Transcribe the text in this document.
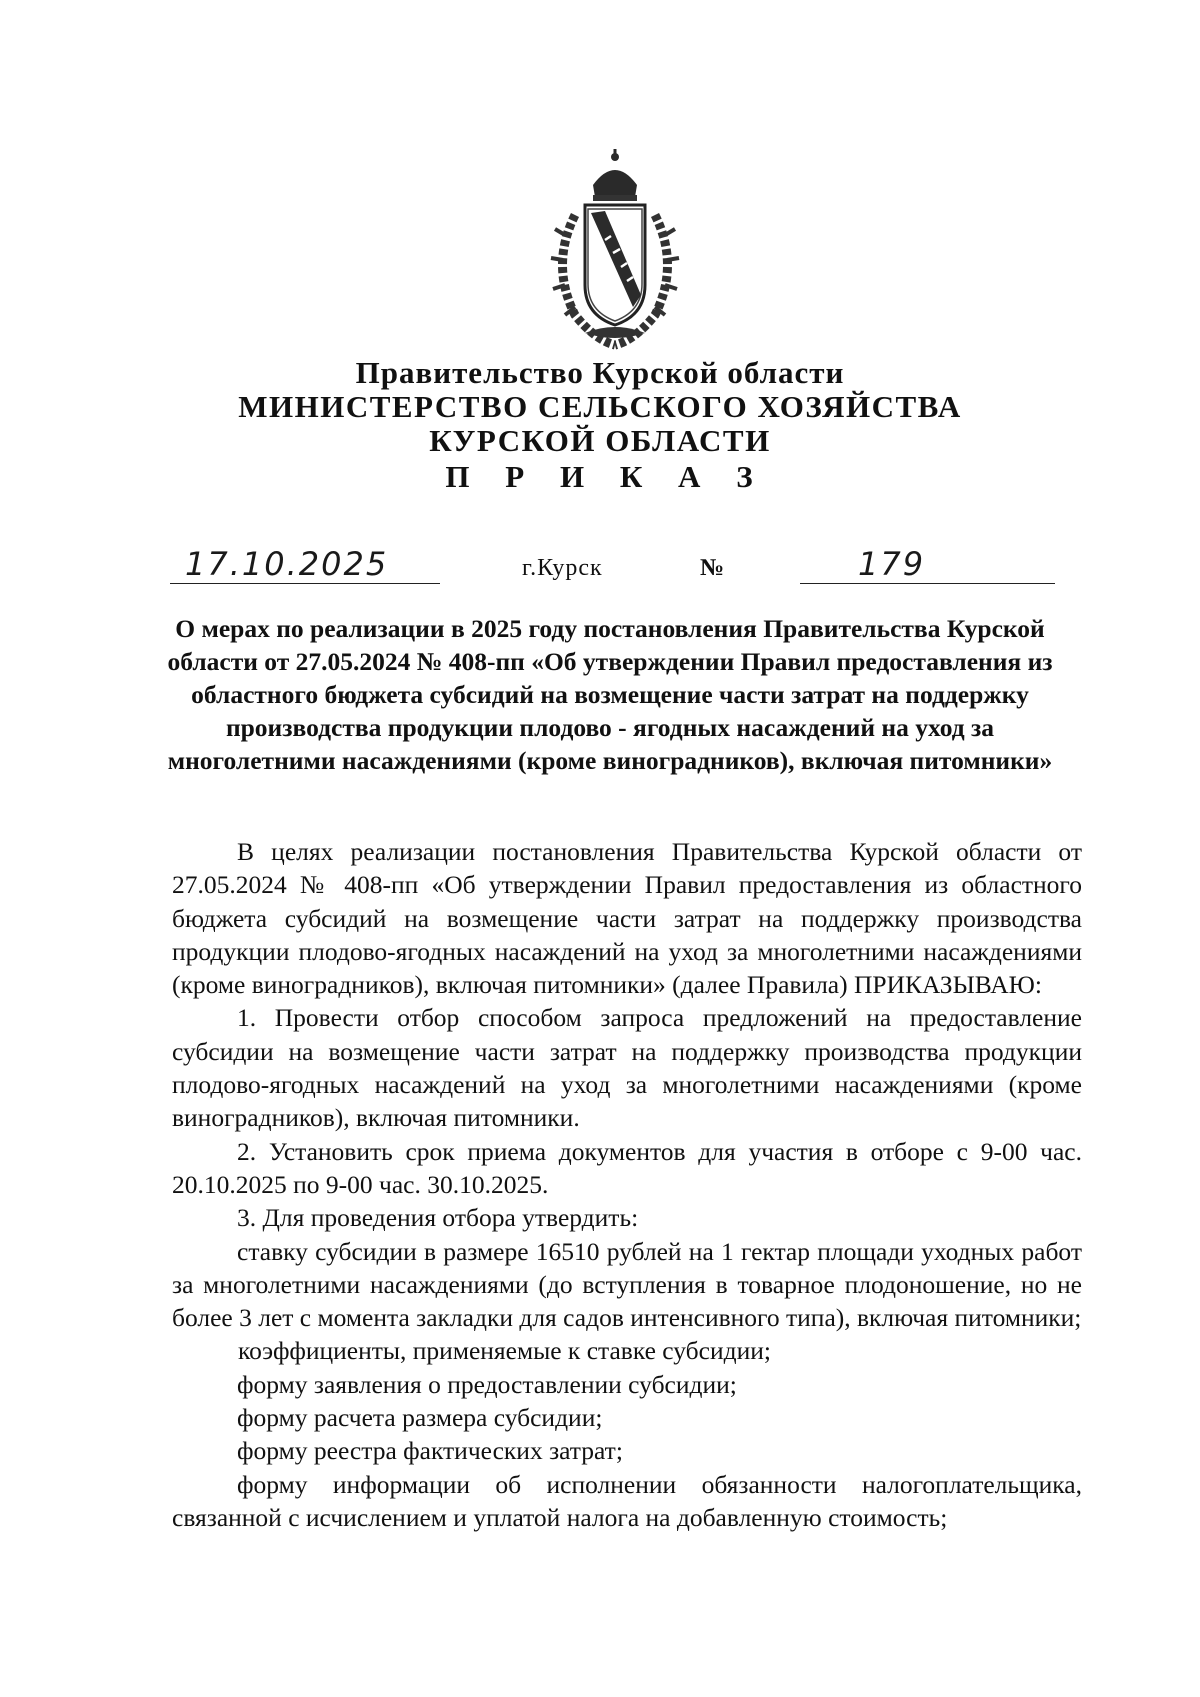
Правительство Курской области
МИНИСТЕРСТВО СЕЛЬСКОГО ХОЗЯЙСТВА
КУРСКОЙ ОБЛАСТИ
П Р И К А З
17.10.2025	г.Курск	№	179
О мерах по реализации в 2025 году постановления Правительства Курской области от 27.05.2024 № 408-пп «Об утверждении Правил предоставления из областного бюджета субсидий на возмещение части затрат на поддержку производства продукции плодово - ягодных насаждений на уход за многолетними насаждениями (кроме виноградников), включая питомники»

В целях реализации постановления Правительства Курской области от 27.05.2024 № 408-пп «Об утверждении Правил предоставления из областного бюджета субсидий на возмещение части затрат на поддержку производства продукции плодово-ягодных насаждений на уход за многолетними насаждениями (кроме виноградников), включая питомники» (далее Правила) ПРИКАЗЫВАЮ:

1. Провести отбор способом запроса предложений на предоставление субсидии на возмещение части затрат на поддержку производства продукции плодово-ягодных насаждений на уход за многолетними насаждениями (кроме виноградников), включая питомники.

2. Установить срок приема документов для участия в отборе с 9-00 час. 20.10.2025 по 9-00 час. 30.10.2025.

3. Для проведения отбора утвердить:

ставку субсидии в размере 16510 рублей на 1 гектар площади уходных работ за многолетними насаждениями (до вступления в товарное плодоношение, но не более 3 лет с момента закладки для садов интенсивного типа), включая питомники;

коэффициенты, применяемые к ставке субсидии;

форму заявления о предоставлении субсидии;

форму расчета размера субсидии;

форму реестра фактических затрат;

форму информации об исполнении обязанности налогоплательщика, связанной с исчислением и уплатой налога на добавленную стоимость;
